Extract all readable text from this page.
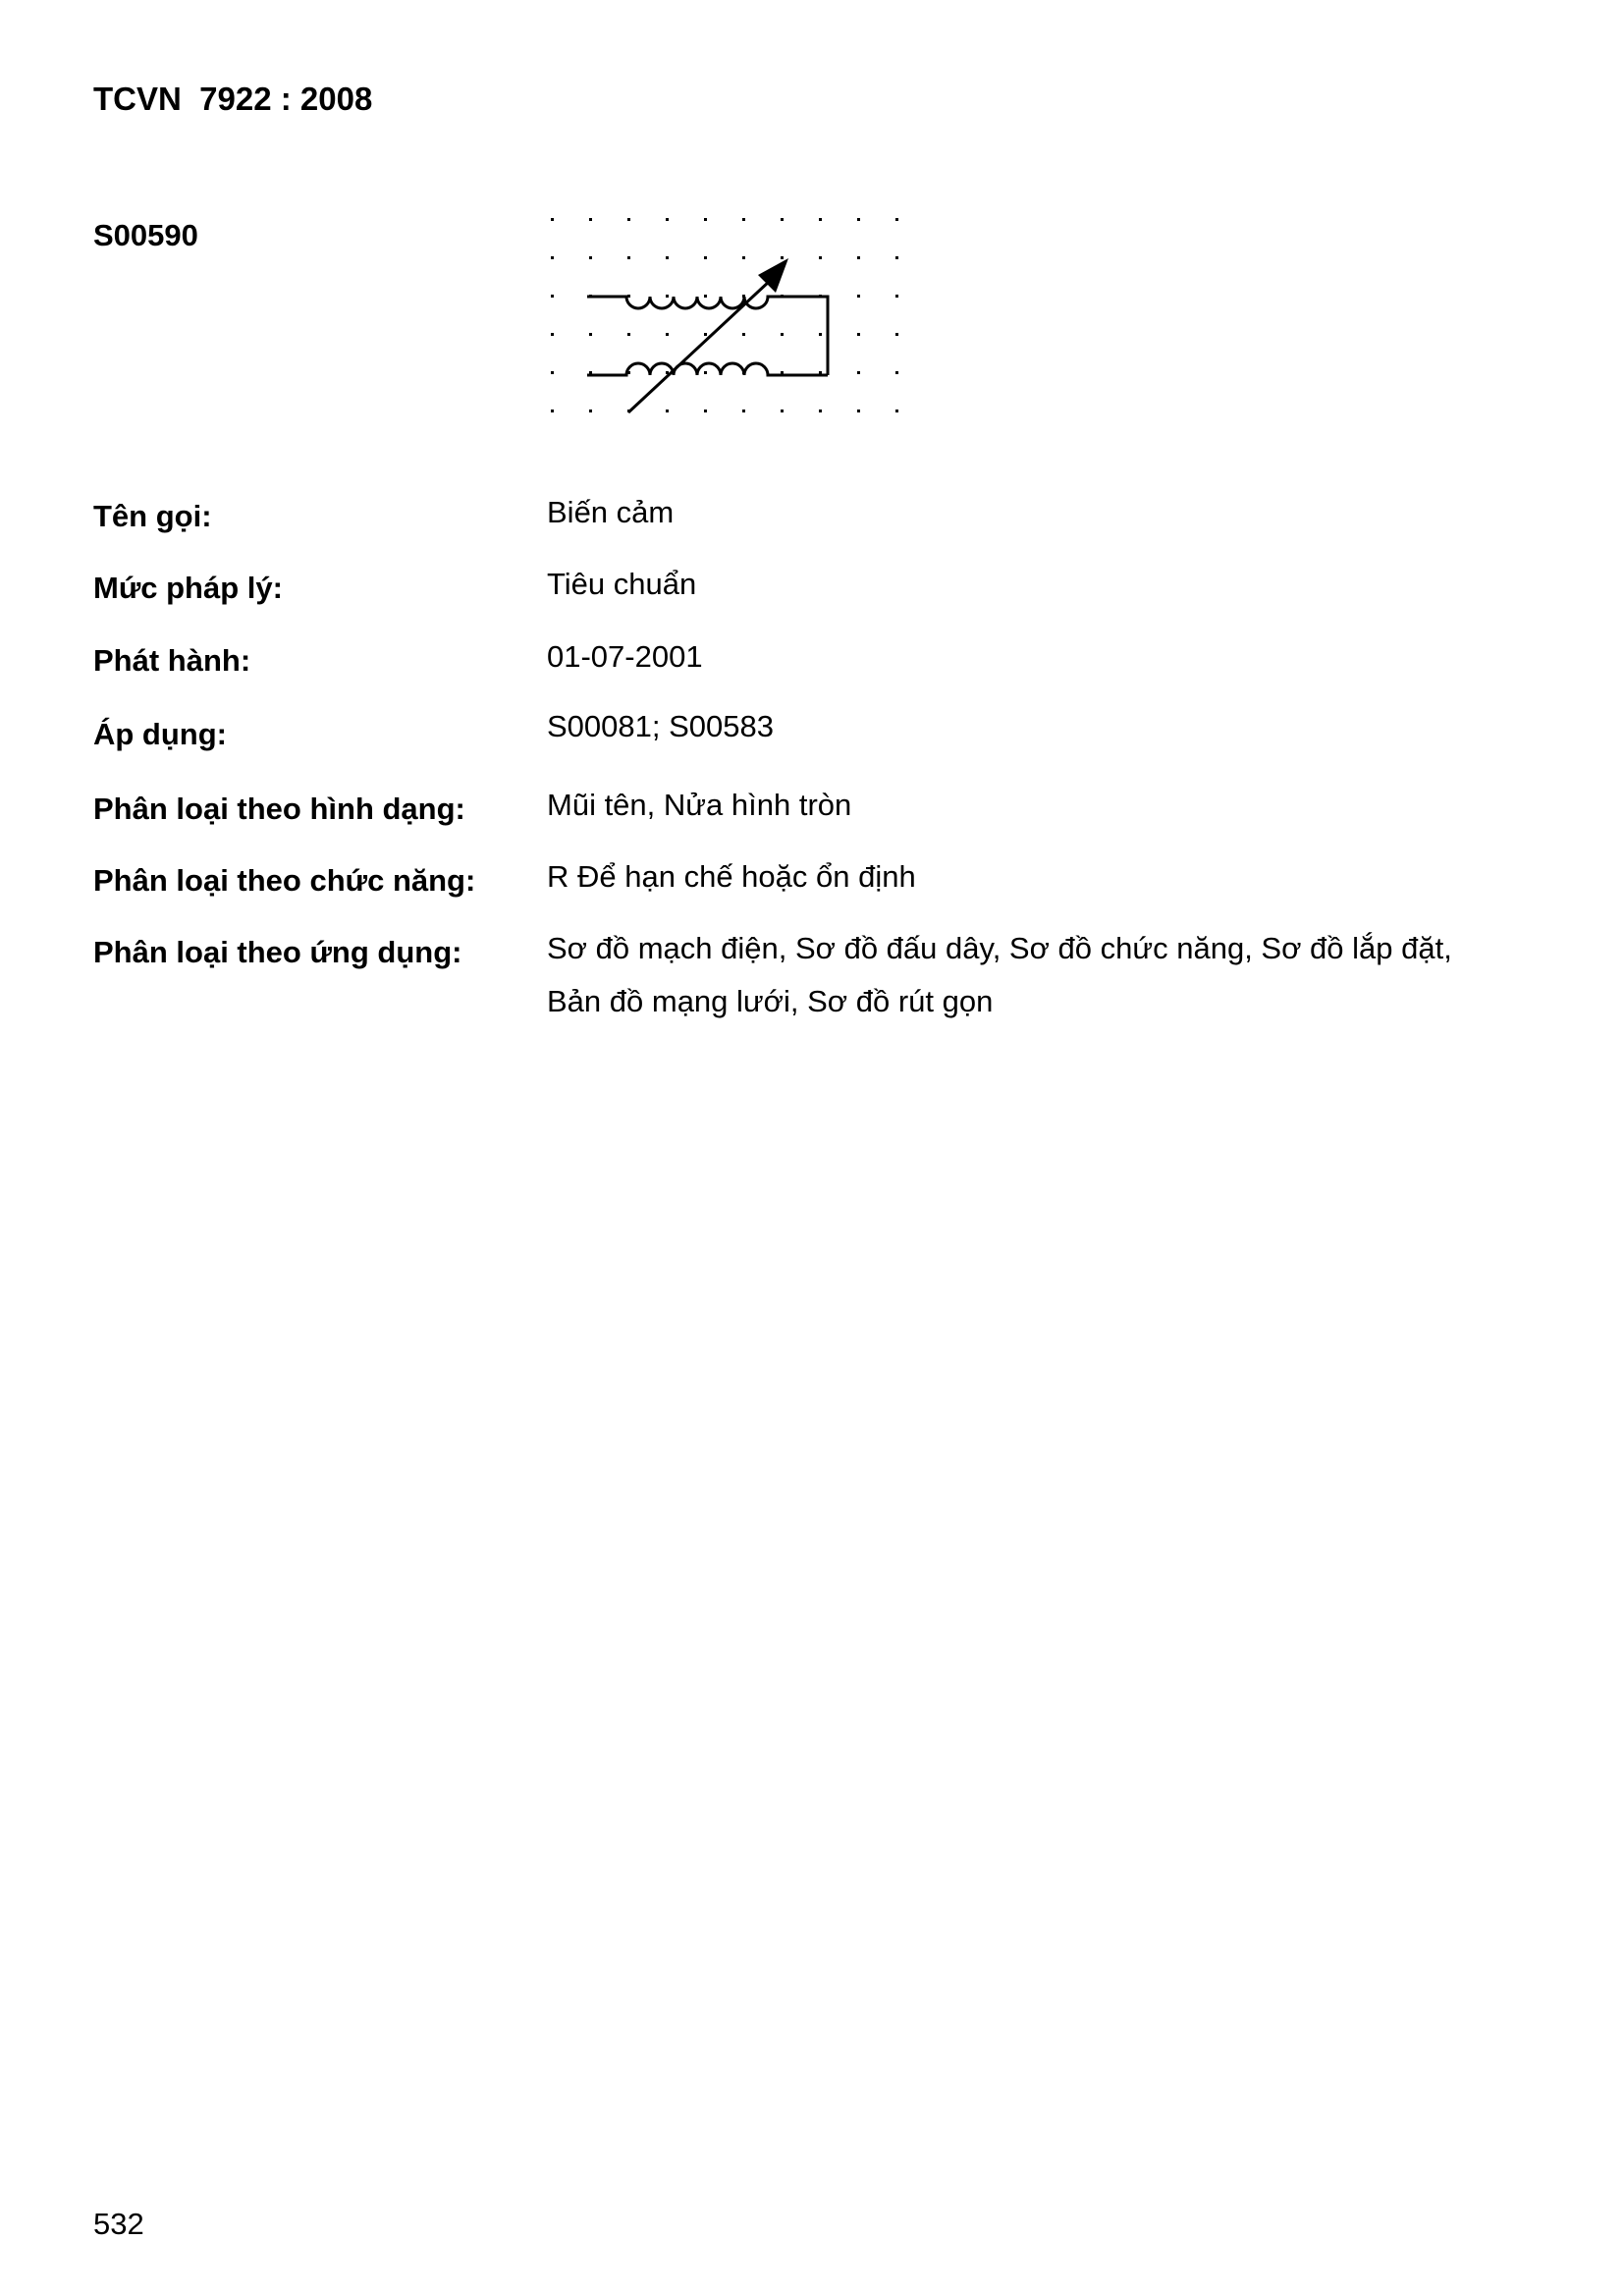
TCVN  7922 : 2008
S00590
Tên gọi:	Biến cảm
Mức pháp lý:	Tiêu chuẩn
Phát hành:	01-07-2001
Áp dụng:	S00081; S00583
Phân loại theo hình dạng:	Mũi tên, Nửa hình tròn
Phân loại theo chức năng: R Để hạn chế hoặc ổn định
Phân loại theo ứng dụng:	Sơ đồ mạch điện, Sơ đồ đấu dây, Sơ đồ chức năng, Sơ đồ lắp đặt, Bản đồ mạng lưới, Sơ đồ rút gọn
532
